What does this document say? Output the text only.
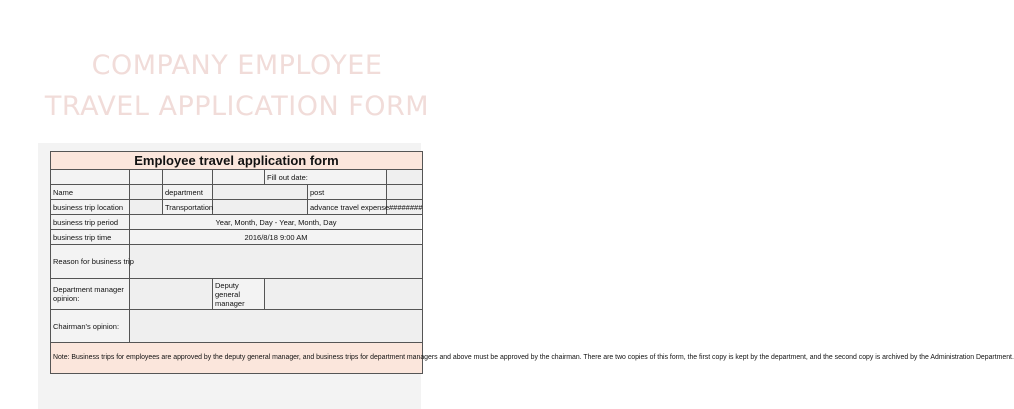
COMPANY EMPLOYEE
TRAVEL APPLICATION FORM
Employee travel application form						
				Fill out date:		
Name		department			post	
business trip location		Transportation			advance travel expense	########
business trip period	Year, Month, Day - Year, Month, Day					
business trip time	2016/8/18 9:00 AM					
Reason for business trip						
Department manager opinion:			Deputy general manager			
Chairman's opinion:						
Note: Business trips for employees are approved by the deputy general manager, and business trips for department managers and above must be approved by the chairman. There are two copies of this form, the first copy is kept by the department, and the second copy is archived by the Administration Department.						
